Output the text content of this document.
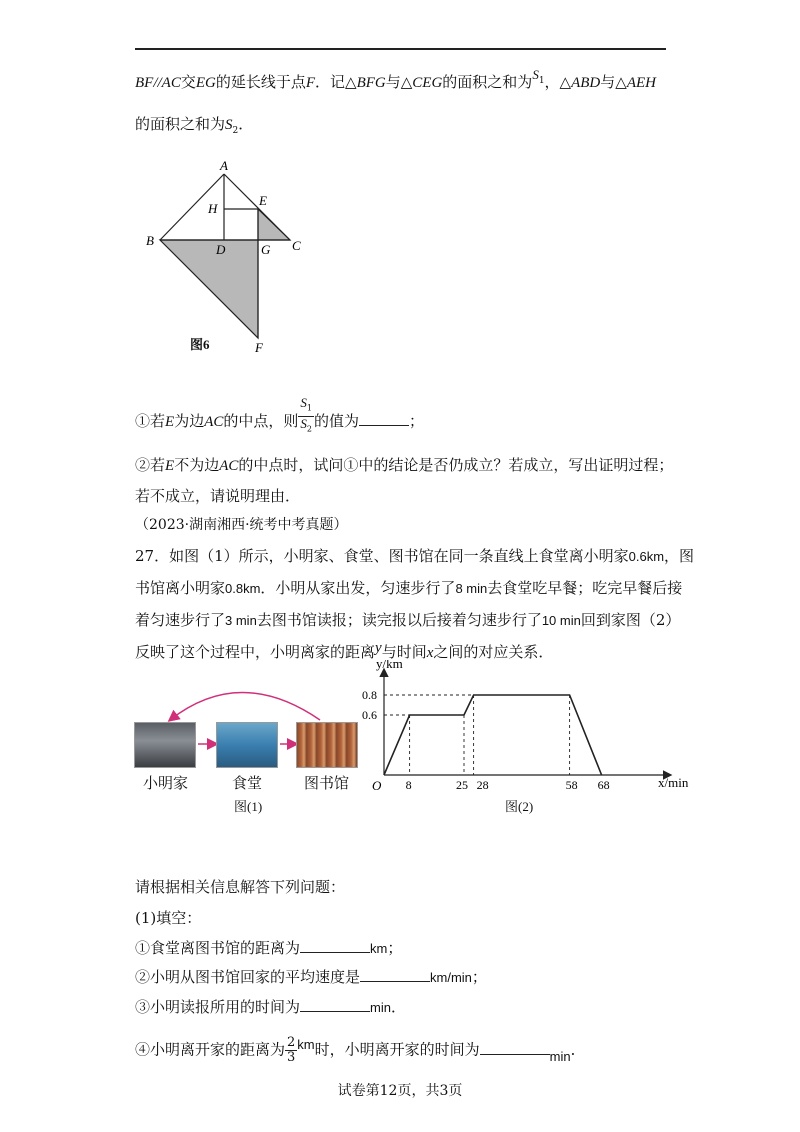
BF//AC交EG的延长线于点F．记△BFG与△CEG的面积之和为$S_1$，△ABD与△AEH
的面积之和为$S_2$．
A
B	C
D
E
G
H
F
图6
①若E为边AC的中点，则 $\frac{S_1}{S_2}$ 的值为	；
②若E不为边AC的中点时，试问①中的结论是否仍成立？若成立，写出证明过程；
若不成立，请说明理由．
（2023·湖南湘西·统考中考真题）
27．如图（1）所示，小明家、食堂、图书馆在同一条直线上食堂离小明家0.6km，图
书馆离小明家0.8km．小明从家出发，匀速步行了8 min去食堂吃早餐；吃完早餐后接
着匀速步行了3 min去图书馆读报；读完报以后接着匀速步行了10 min回到家图（2）
反映了这个过程中，小明离家的距离y与时间x之间的对应关系．
小明家	食堂	图书馆
图(1)
y/km
x/min
O
0.6
0.8
8	25 28	58 68
图(2)
请根据相关信息解答下列问题：
(1)填空：
①食堂离图书馆的距离为	km；
②小明从图书馆回家的平均速度是	km/min；
③小明读报所用的时间为	min．
④小明离开家的距离为 $\frac{2}{3}$ km时，小明离开家的时间为	min．
试卷第12页，共3页
